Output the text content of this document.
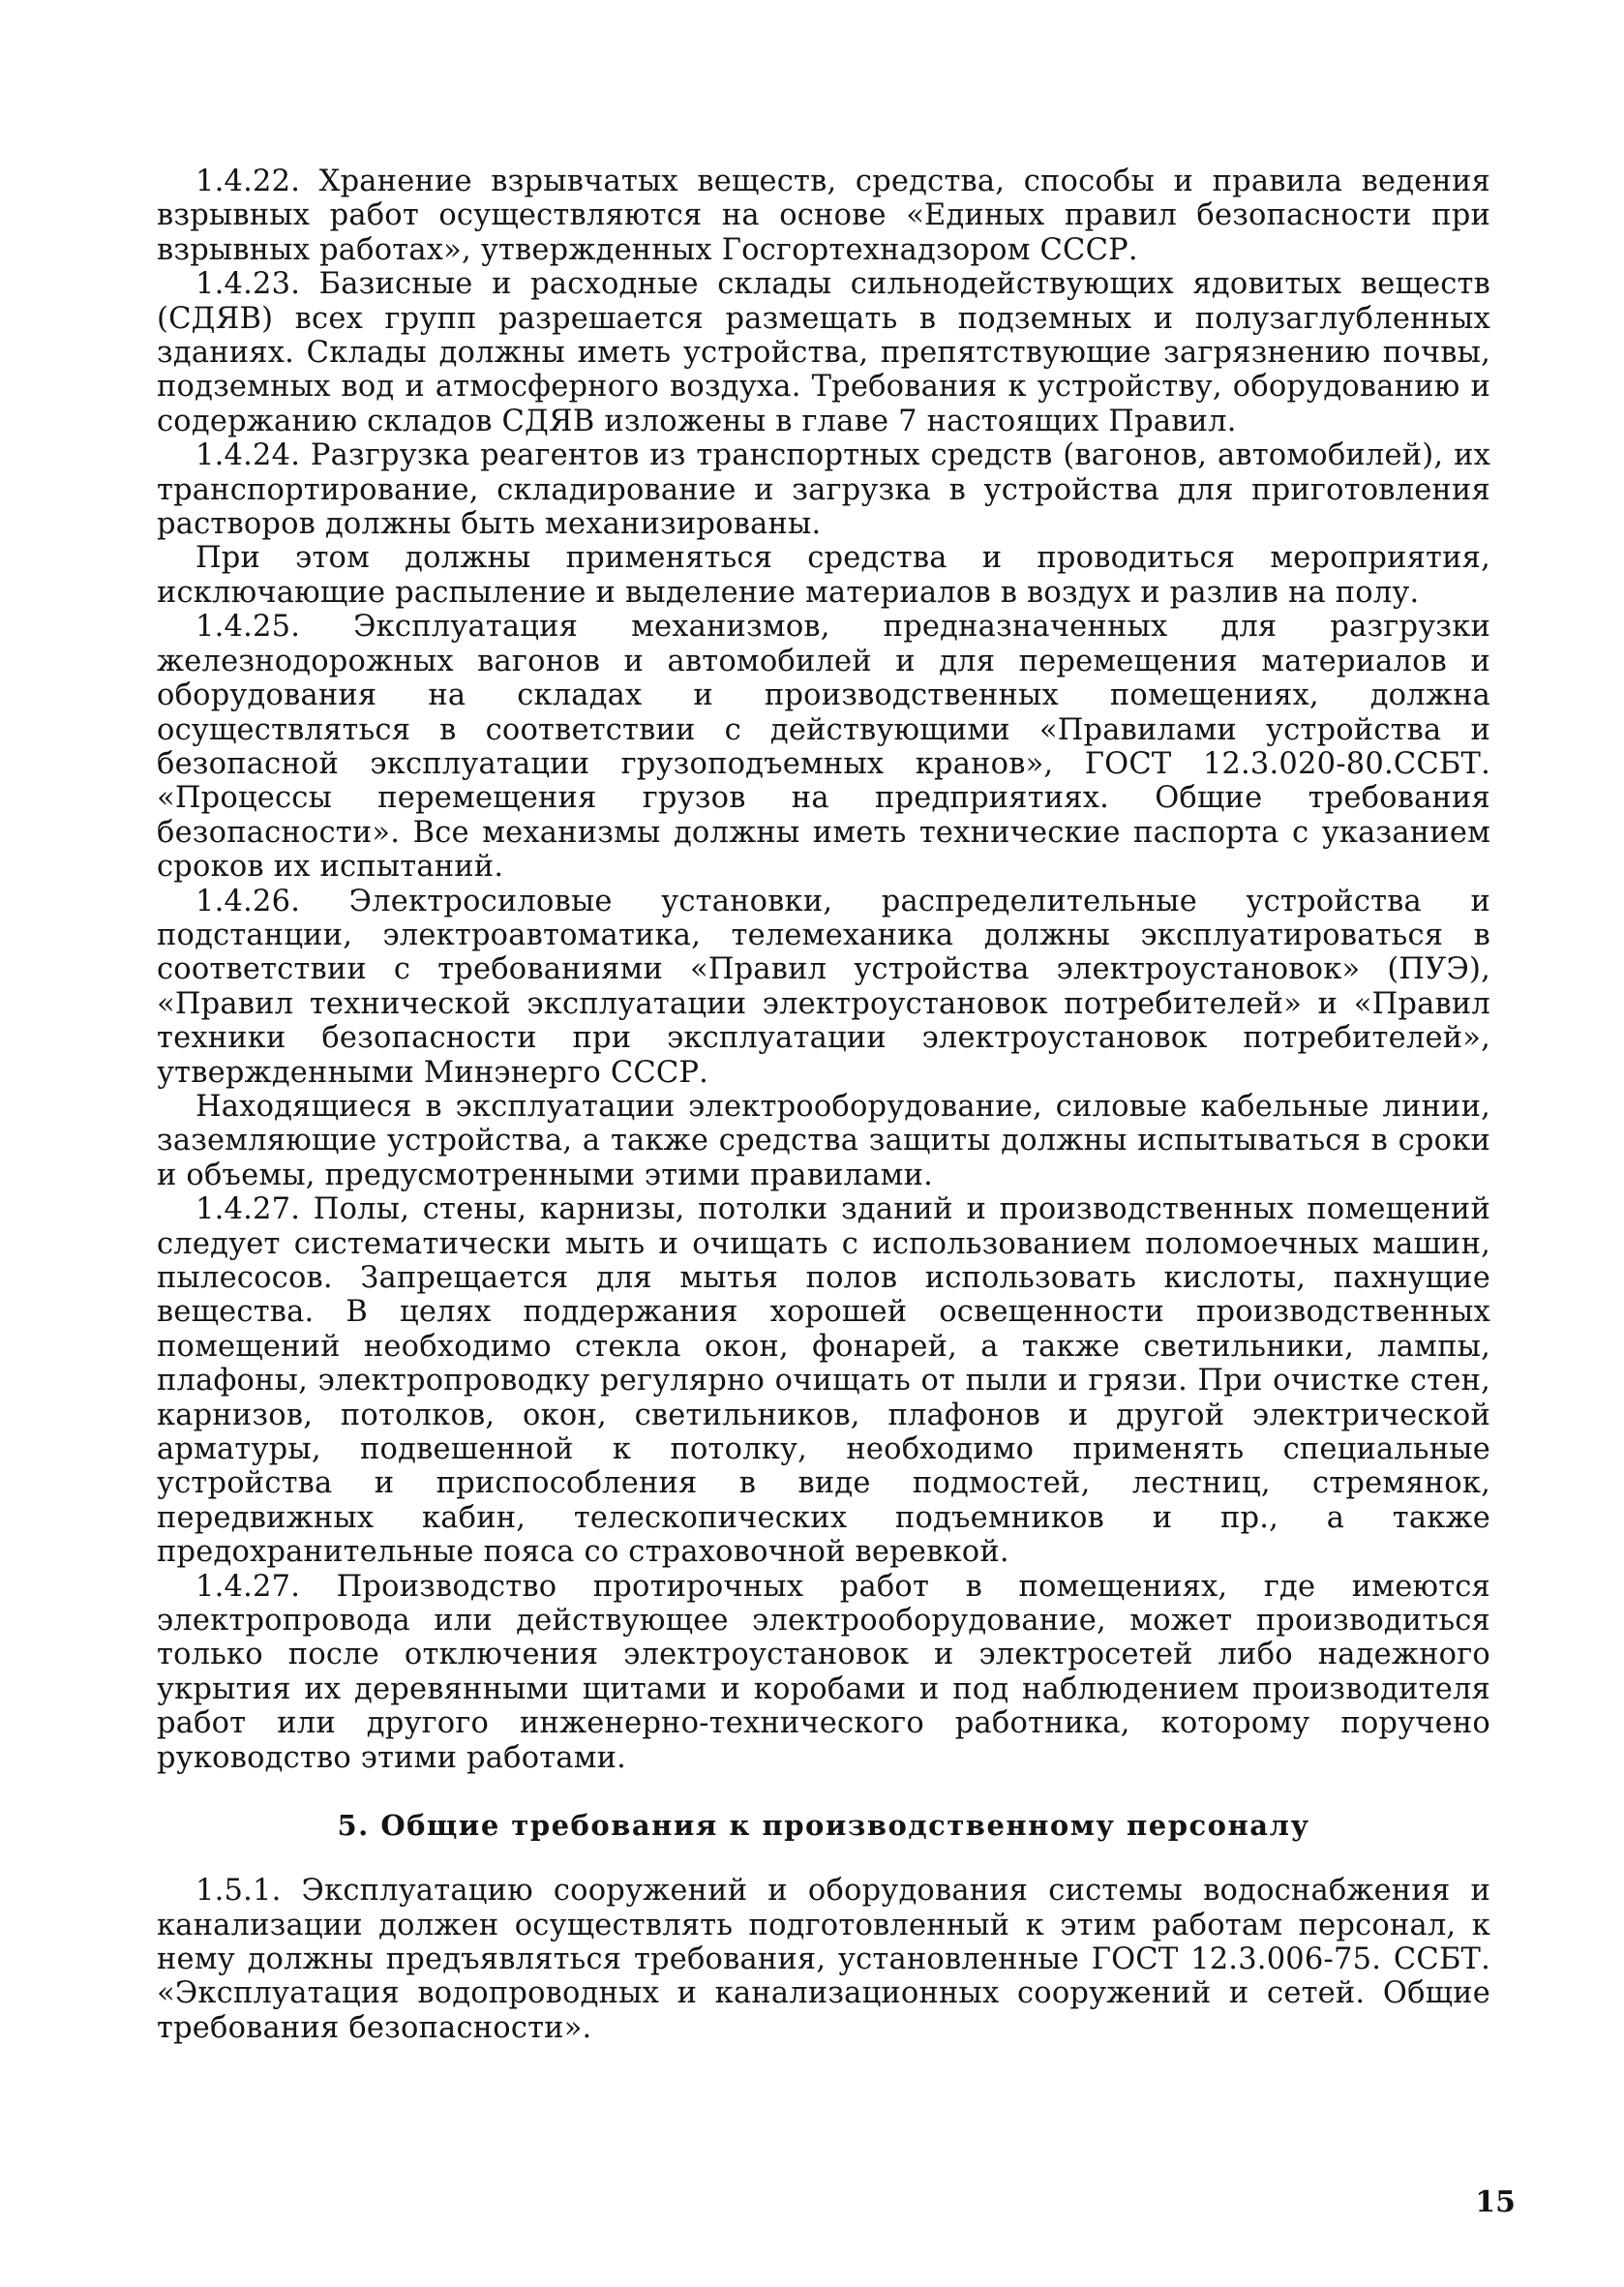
1.4.22. Хранение взрывчатых веществ, средства, способы и правила ведения взрывных работ осуществляются на основе «Единых правил безопасности при взрывных работах», утвержденных Госгортехнадзором СССР.

1.4.23. Базисные и расходные склады сильнодействующих ядовитых веществ (СДЯВ) всех групп разрешается размещать в подземных и полузаглубленных зданиях. Склады должны иметь устройства, препятствующие загрязнению почвы, подземных вод и атмосферного воздуха. Требования к устройству, оборудованию и содержанию складов СДЯВ изложены в главе 7 настоящих Правил.

1.4.24. Разгрузка реагентов из транспортных средств (вагонов, автомобилей), их транспортирование, складирование и загрузка в устройства для приготовления растворов должны быть механизированы.

При этом должны применяться средства и проводиться мероприятия, исключающие распыление и выделение материалов в воздух и разлив на полу.

1.4.25. Эксплуатация механизмов, предназначенных для разгрузки железнодорожных вагонов и автомобилей и для перемещения материалов и оборудования на складах и производственных помещениях, должна осуществляться в соответствии с действующими «Правилами устройства и безопасной эксплуатации грузоподъемных кранов», ГОСТ 12.3.020-80.ССБТ. «Процессы перемещения грузов на предприятиях. Общие требования безопасности». Все механизмы должны иметь технические паспорта с указанием сроков их испытаний.

1.4.26. Электросиловые установки, распределительные устройства и подстанции, электроавтоматика, телемеханика должны эксплуатироваться в соответствии с требованиями «Правил устройства электроустановок» (ПУЭ), «Правил технической эксплуатации электроустановок потребителей» и «Правил техники безопасности при эксплуатации электроустановок потребителей», утвержденными Минэнерго СССР.

Находящиеся в эксплуатации электрооборудование, силовые кабельные линии, заземляющие устройства, а также средства защиты должны испытываться в сроки и объемы, предусмотренными этими правилами.

1.4.27. Полы, стены, карнизы, потолки зданий и производственных помещений следует систематически мыть и очищать с использованием поломоечных машин, пылесосов. Запрещается для мытья полов использовать кислоты, пахнущие вещества. В целях поддержания хорошей освещенности производственных помещений необходимо стекла окон, фонарей, а также светильники, лампы, плафоны, электропроводку регулярно очищать от пыли и грязи. При очистке стен, карнизов, потолков, окон, светильников, плафонов и другой электрической арматуры, подвешенной к потолку, необходимо применять специальные устройства и приспособления в виде подмостей, лестниц, стремянок, передвижных кабин, телескопических подъемников и пр., а также предохранительные пояса со страховочной веревкой.

1.4.27. Производство протирочных работ в помещениях, где имеются электропровода или действующее электрооборудование, может производиться только после отключения электроустановок и электросетей либо надежного укрытия их деревянными щитами и коробами и под наблюдением производителя работ или другого инженерно-технического работника, которому поручено руководство этими работами.

5. Общие требования к производственному персоналу

1.5.1. Эксплуатацию сооружений и оборудования системы водоснабжения и канализации должен осуществлять подготовленный к этим работам персонал, к нему должны предъявляться требования, установленные ГОСТ 12.3.006-75. ССБТ. «Эксплуатация водопроводных и канализационных сооружений и сетей. Общие требования безопасности».

15
